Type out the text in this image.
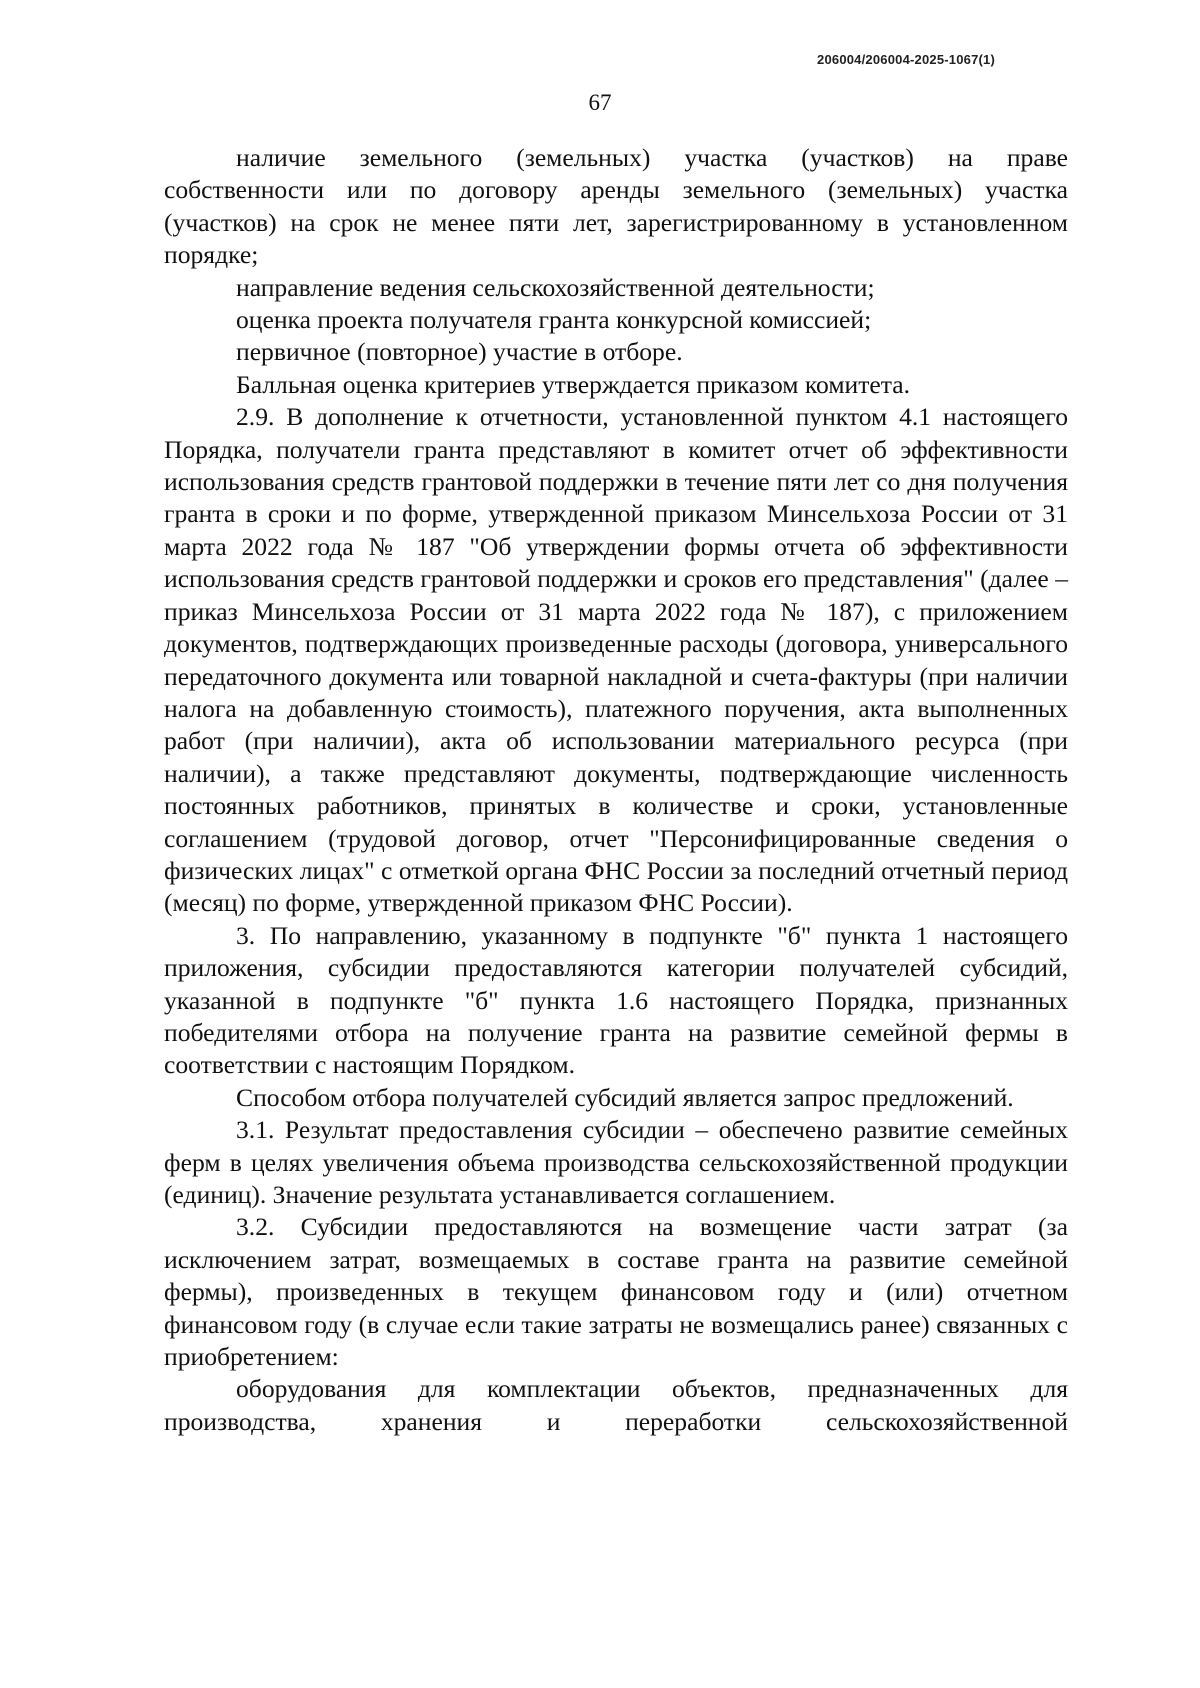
206004/206004-2025-1067(1)
67

наличие земельного (земельных) участка (участков) на праве собственности или по договору аренды земельного (земельных) участка (участков) на срок не менее пяти лет, зарегистрированному в установленном порядке;

направление ведения сельскохозяйственной деятельности;

оценка проекта получателя гранта конкурсной комиссией;

первичное (повторное) участие в отборе.

Балльная оценка критериев утверждается приказом комитета.

2.9. В дополнение к отчетности, установленной пунктом 4.1 настоящего Порядка, получатели гранта представляют в комитет отчет об эффективности использования средств грантовой поддержки в течение пяти лет со дня получения гранта в сроки и по форме, утвержденной приказом Минсельхоза России от 31 марта 2022 года № 187 "Об утверждении формы отчета об эффективности использования средств грантовой поддержки и сроков его представления" (далее – приказ Минсельхоза России от 31 марта 2022 года № 187), с приложением документов, подтверждающих произведенные расходы (договора, универсального передаточного документа или товарной накладной и счета-фактуры (при наличии налога на добавленную стоимость), платежного поручения, акта выполненных работ (при наличии), акта об использовании материального ресурса (при наличии), а также представляют документы, подтверждающие численность постоянных работников, принятых в количестве и сроки, установленные соглашением (трудовой договор, отчет "Персонифицированные сведения о физических лицах" с отметкой органа ФНС России за последний отчетный период (месяц) по форме, утвержденной приказом ФНС России).

3. По направлению, указанному в подпункте "б" пункта 1 настоящего приложения, субсидии предоставляются категории получателей субсидий, указанной в подпункте "б" пункта 1.6 настоящего Порядка, признанных победителями отбора на получение гранта на развитие семейной фермы в соответствии с настоящим Порядком.

Способом отбора получателей субсидий является запрос предложений.

3.1. Результат предоставления субсидии – обеспечено развитие семейных ферм в целях увеличения объема производства сельскохозяйственной продукции (единиц). Значение результата устанавливается соглашением.

3.2. Субсидии предоставляются на возмещение части затрат (за исключением затрат, возмещаемых в составе гранта на развитие семейной фермы), произведенных в текущем финансовом году и (или) отчетном финансовом году (в случае если такие затраты не возмещались ранее) связанных с приобретением:

оборудования для комплектации объектов, предназначенных для производства, хранения и переработки сельскохозяйственной
